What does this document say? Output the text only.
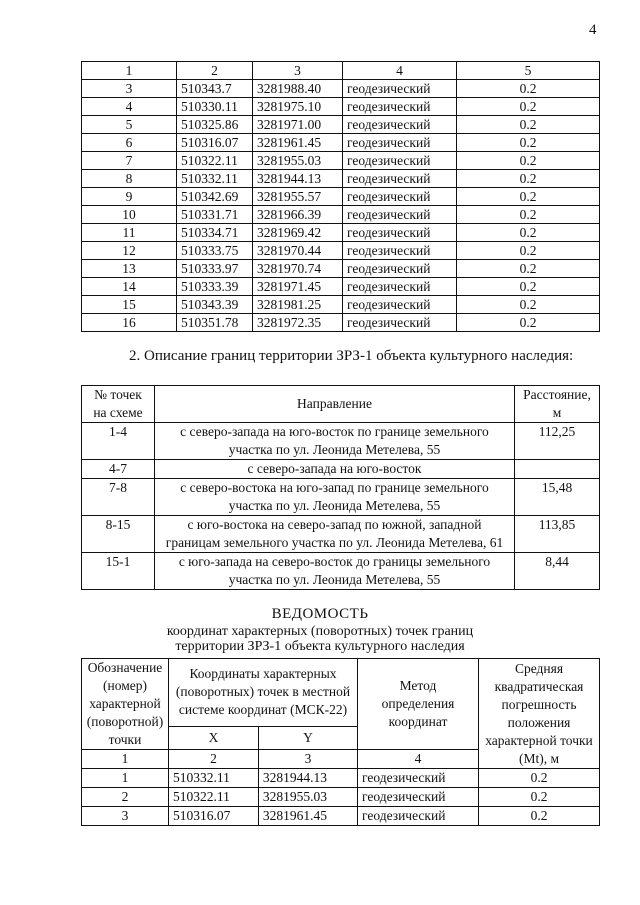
4
1	2	3	4	5
3	510343.7	3281988.40	геодезический	0.2
4	510330.11	3281975.10	геодезический	0.2
5	510325.86	3281971.00	геодезический	0.2
6	510316.07	3281961.45	геодезический	0.2
7	510322.11	3281955.03	геодезический	0.2
8	510332.11	3281944.13	геодезический	0.2
9	510342.69	3281955.57	геодезический	0.2
10	510331.71	3281966.39	геодезический	0.2
11	510334.71	3281969.42	геодезический	0.2
12	510333.75	3281970.44	геодезический	0.2
13	510333.97	3281970.74	геодезический	0.2
14	510333.39	3281971.45	геодезический	0.2
15	510343.39	3281981.25	геодезический	0.2
16	510351.78	3281972.35	геодезический	0.2
2. Описание границ территории ЗРЗ-1 объекта культурного наследия:
№ точек на схеме	Направление	Расстояние, м
1-4	с северо-запада на юго-восток по границе земельного участка по ул. Леонида Метелева, 55	112,25
4-7	с северо-запада на юго-восток	
7-8	с северо-востока на юго-запад по границе земельного участка по ул. Леонида Метелева, 55	15,48
8-15	с юго-востока на северо-запад по южной, западной границам земельного участка по ул. Леонида Метелева, 61	113,85
15-1	с юго-запада на северо-восток до границы земельного участка по ул. Леонида Метелева, 55	8,44
ВЕДОМОСТЬ
координат характерных (поворотных) точек границ
территории ЗРЗ-1 объекта культурного наследия
Обозначение (номер) характерной (поворотной) точки	Координаты характерных (поворотных) точек в местной системе координат (МСК-22)		Метод определения координат	Средняя квадратическая погрешность положения характерной точки (Mt), м
	X	Y		
1	2	3	4	
1	510332.11	3281944.13	геодезический	0.2
2	510322.11	3281955.03	геодезический	0.2
3	510316.07	3281961.45	геодезический	0.2
